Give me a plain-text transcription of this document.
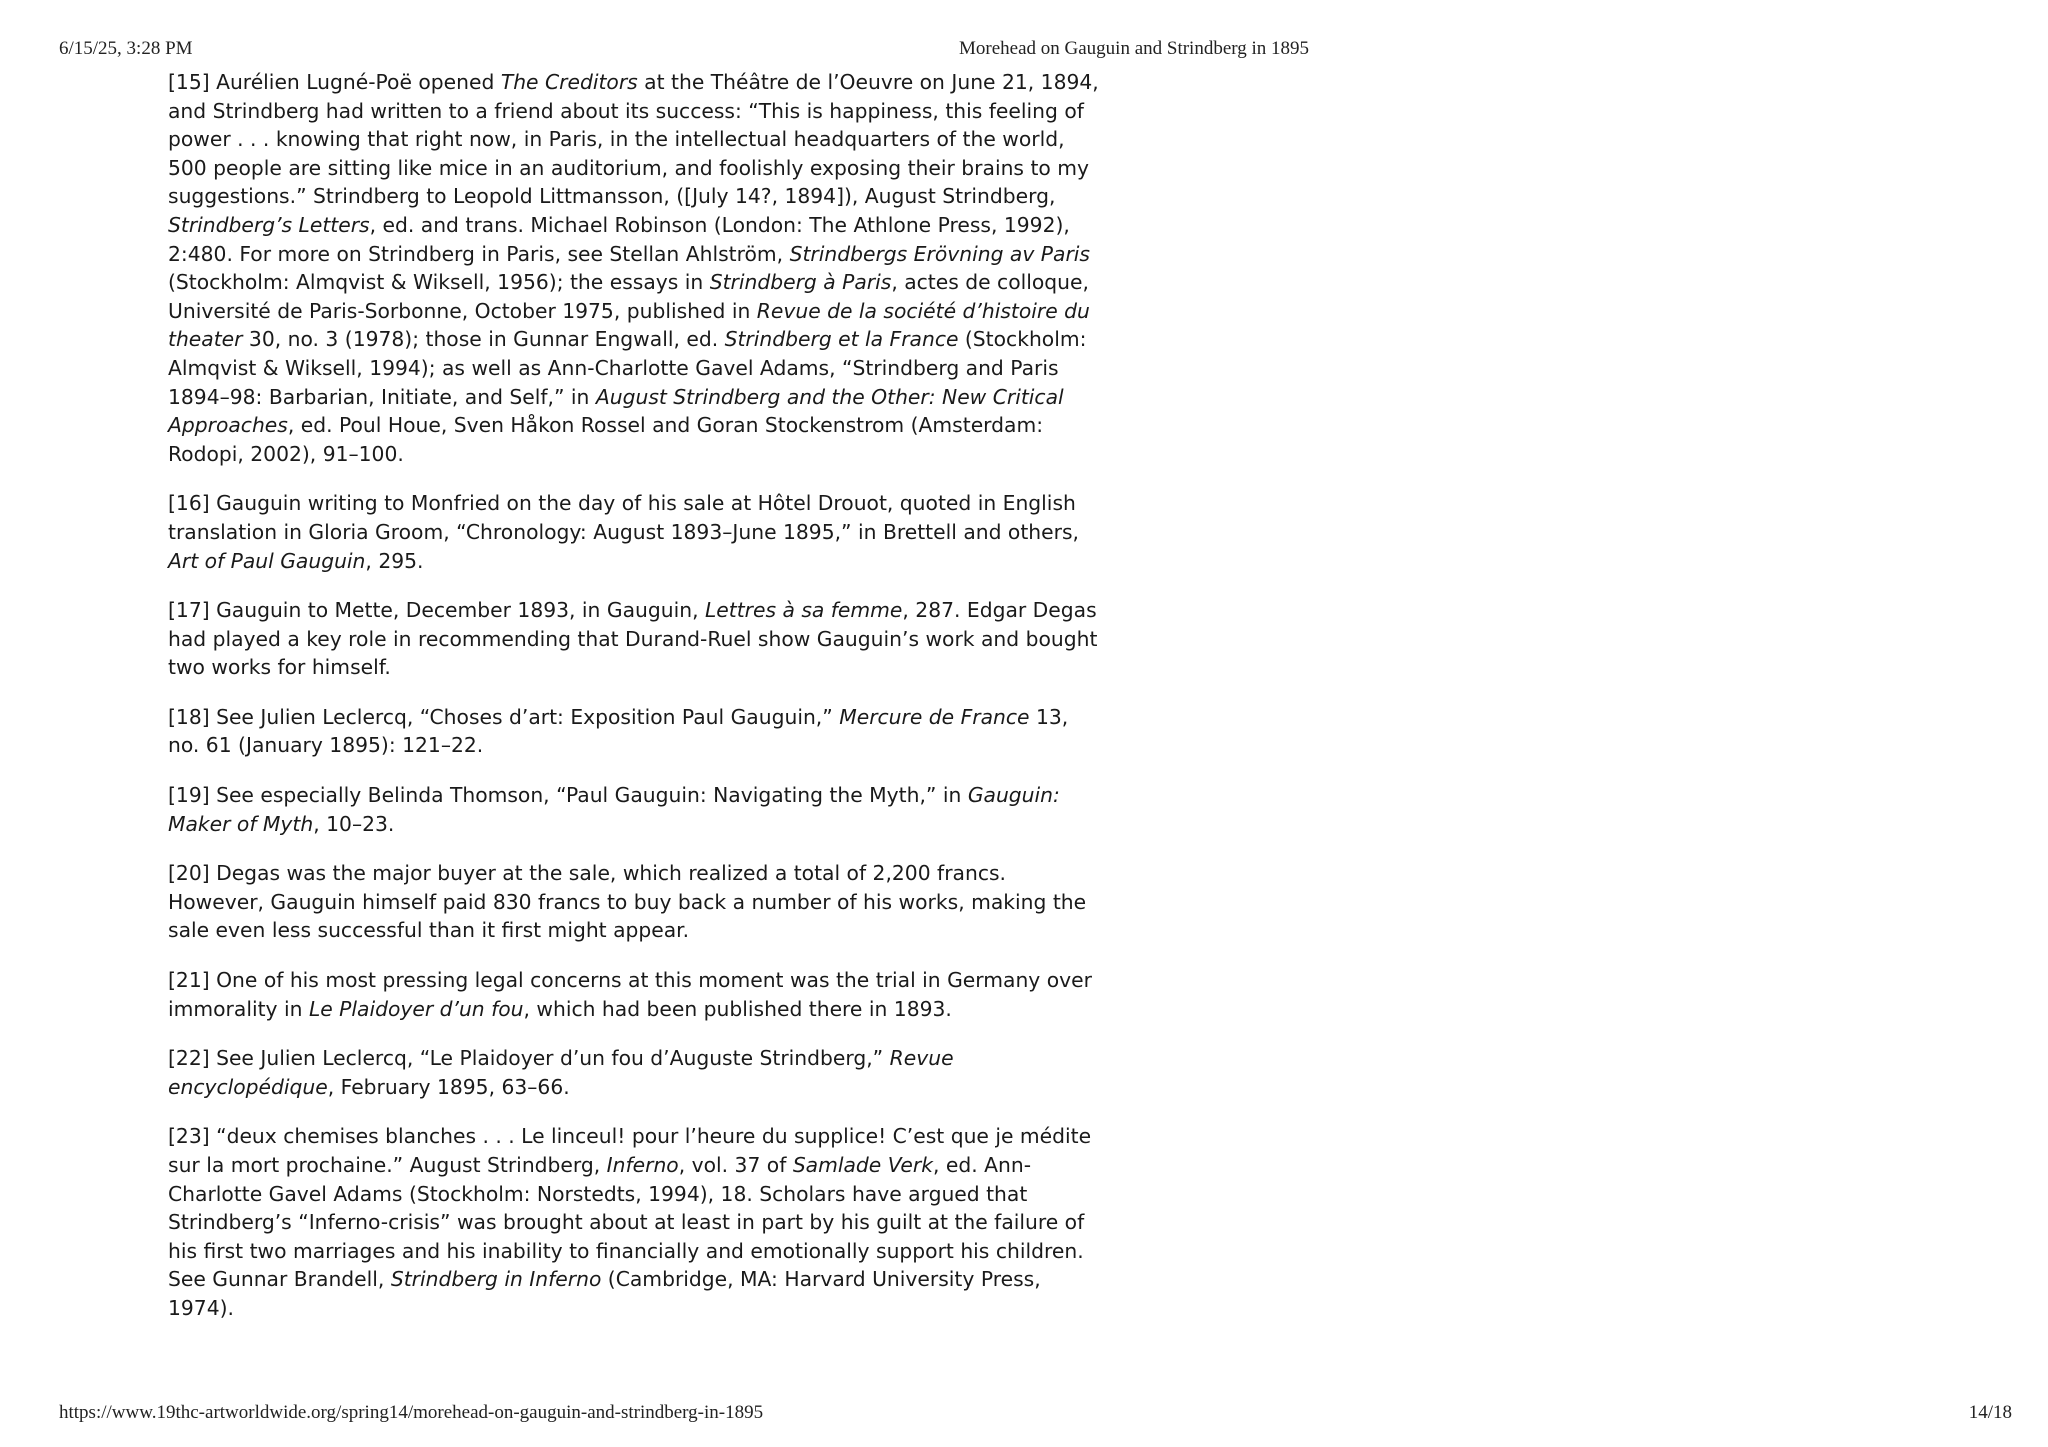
6/15/25, 3:28 PM	Morehead on Gauguin and Strindberg in 1895

[15] Aurélien Lugné-Poë opened The Creditors at the Théâtre de l’Oeuvre on June 21, 1894, and Strindberg had written to a friend about its success: “This is happiness, this feeling of power . . . knowing that right now, in Paris, in the intellectual headquarters of the world, 500 people are sitting like mice in an auditorium, and foolishly exposing their brains to my suggestions.” Strindberg to Leopold Littmansson, ([July 14?, 1894]), August Strindberg, Strindberg’s Letters, ed. and trans. Michael Robinson (London: The Athlone Press, 1992), 2:480. For more on Strindberg in Paris, see Stellan Ahlström, Strindbergs Erövning av Paris (Stockholm: Almqvist & Wiksell, 1956); the essays in Strindberg à Paris, actes de colloque, Université de Paris-Sorbonne, October 1975, published in Revue de la société d’histoire du theater 30, no. 3 (1978); those in Gunnar Engwall, ed. Strindberg et la France (Stockholm: Almqvist & Wiksell, 1994); as well as Ann-Charlotte Gavel Adams, “Strindberg and Paris 1894–98: Barbarian, Initiate, and Self,” in August Strindberg and the Other: New Critical Approaches, ed. Poul Houe, Sven Håkon Rossel and Goran Stockenstrom (Amsterdam: Rodopi, 2002), 91–100.

[16] Gauguin writing to Monfried on the day of his sale at Hôtel Drouot, quoted in English translation in Gloria Groom, “Chronology: August 1893–June 1895,” in Brettell and others, Art of Paul Gauguin, 295.

[17] Gauguin to Mette, December 1893, in Gauguin, Lettres à sa femme, 287. Edgar Degas had played a key role in recommending that Durand-Ruel show Gauguin’s work and bought two works for himself.

[18] See Julien Leclercq, “Choses d’art: Exposition Paul Gauguin,” Mercure de France 13, no. 61 (January 1895): 121–22.

[19] See especially Belinda Thomson, “Paul Gauguin: Navigating the Myth,” in Gauguin: Maker of Myth, 10–23.

[20] Degas was the major buyer at the sale, which realized a total of 2,200 francs. However, Gauguin himself paid 830 francs to buy back a number of his works, making the sale even less successful than it first might appear.

[21] One of his most pressing legal concerns at this moment was the trial in Germany over immorality in Le Plaidoyer d’un fou, which had been published there in 1893.

[22] See Julien Leclercq, “Le Plaidoyer d’un fou d’Auguste Strindberg,” Revue encyclopédique, February 1895, 63–66.

[23] “deux chemises blanches . . . Le linceul! pour l’heure du supplice! C’est que je médite sur la mort prochaine.” August Strindberg, Inferno, vol. 37 of Samlade Verk, ed. Ann-Charlotte Gavel Adams (Stockholm: Norstedts, 1994), 18. Scholars have argued that Strindberg’s “Inferno-crisis” was brought about at least in part by his guilt at the failure of his first two marriages and his inability to financially and emotionally support his children. See Gunnar Brandell, Strindberg in Inferno (Cambridge, MA: Harvard University Press, 1974).

https://www.19thc-artworldwide.org/spring14/morehead-on-gauguin-and-strindberg-in-1895	14/18
